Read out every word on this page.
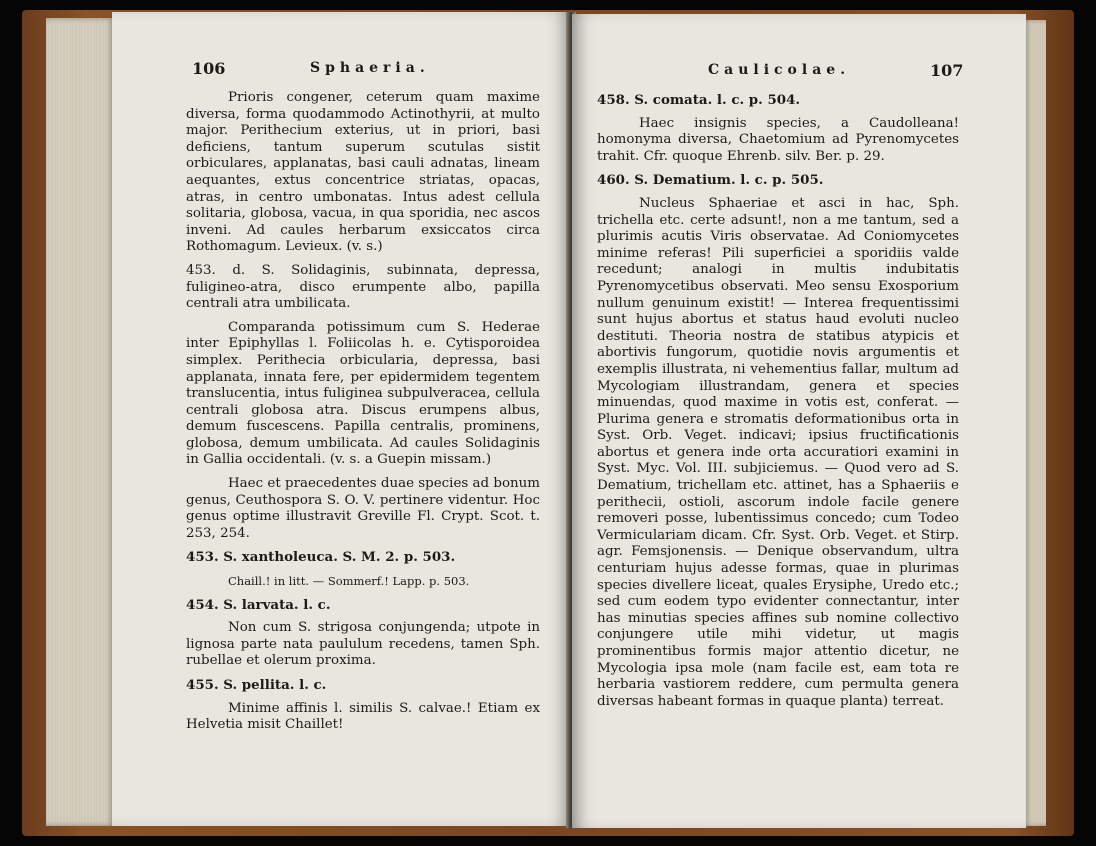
106	Sphaeria.

Prioris congener, ceterum quam maxime diversa, forma quodammodo Actinothyrii, at multo major. Perithecium exterius, ut in priori, basi deficiens, tantum superum scutulas sistit orbiculares, applanatas, basi cauli adnatas, lineam aequantes, extus concentrice striatas, opacas, atras, in centro umbonatas. Intus adest cellula solitaria, globosa, vacua, in qua sporidia, nec ascos inveni. Ad caules herbarum exsiccatos circa Rothomagum. Levieux. (v. s.)

453. d. S. Solidaginis, subinnata, depressa, fuligineo-atra, disco erumpente albo, papilla centrali atra umbilicata.

Comparanda potissimum cum S. Hederae inter Epiphyllas l. Foliicolas h. e. Cytisporoidea simplex. Perithecia orbicularia, depressa, basi applanata, innata fere, per epidermidem tegentem translucentia, intus fuliginea subpulveracea, cellula centrali globosa atra. Discus erumpens albus, demum fuscescens. Papilla centralis, prominens, globosa, demum umbilicata. Ad caules Solidaginis in Gallia occidentali. (v. s. a Guepin missam.)

Haec et praecedentes duae species ad bonum genus, Ceuthospora S. O. V. pertinere videntur. Hoc genus optime illustravit Greville Fl. Crypt. Scot. t. 253, 254.

453. S. xantholeuca. S. M. 2. p. 503.

Chaill.! in litt. — Sommerf.! Lapp. p. 503.

454. S. larvata. l. c.

Non cum S. strigosa conjungenda; utpote in lignosa parte nata paululum recedens, tamen Sph. rubellae et olerum proxima.

455. S. pellita. l. c.

Minime affinis l. similis S. calvae.! Etiam ex Helvetia misit Chaillet!

Caulicolae.	107

458. S. comata. l. c. p. 504.

Haec insignis species, a Caudolleana! homonyma diversa, Chaetomium ad Pyrenomycetes trahit. Cfr. quoque Ehrenb. silv. Ber. p. 29.

460. S. Dematium. l. c. p. 505.

Nucleus Sphaeriae et asci in hac, Sph. trichella etc. certe adsunt!, non a me tantum, sed a plurimis acutis Viris observatae. Ad Coniomycetes minime referas! Pili superficiei a sporidiis valde recedunt; analogi in multis indubitatis Pyrenomycetibus observati. Meo sensu Exosporium nullum genuinum existit! — Interea frequentissimi sunt hujus abortus et status haud evoluti nucleo destituti. Theoria nostra de statibus atypicis et abortivis fungorum, quotidie novis argumentis et exemplis illustrata, ni vehementius fallar, multum ad Mycologiam illustrandam, genera et species minuendas, quod maxime in votis est, conferat. — Plurima genera e stromatis deformationibus orta in Syst. Orb. Veget. indicavi; ipsius fructificationis abortus et genera inde orta accuratiori examini in Syst. Myc. Vol. III. subjiciemus. — Quod vero ad S. Dematium, trichellam etc. attinet, has a Sphaeriis e perithecii, ostioli, ascorum indole facile genere removeri posse, lubentissimus concedo; cum Todeo Vermiculariam dicam. Cfr. Syst. Orb. Veget. et Stirp. agr. Femsjonensis. — Denique observandum, ultra centuriam hujus adesse formas, quae in plurimas species divellere liceat, quales Erysiphe, Uredo etc.; sed cum eodem typo evidenter connectantur, inter has minutias species affines sub nomine collectivo conjungere utile mihi videtur, ut magis prominentibus formis major attentio dicetur, ne Mycologia ipsa mole (nam facile est, eam tota re herbaria vastiorem reddere, cum permulta genera diversas habeant formas in quaque planta) terreat.
